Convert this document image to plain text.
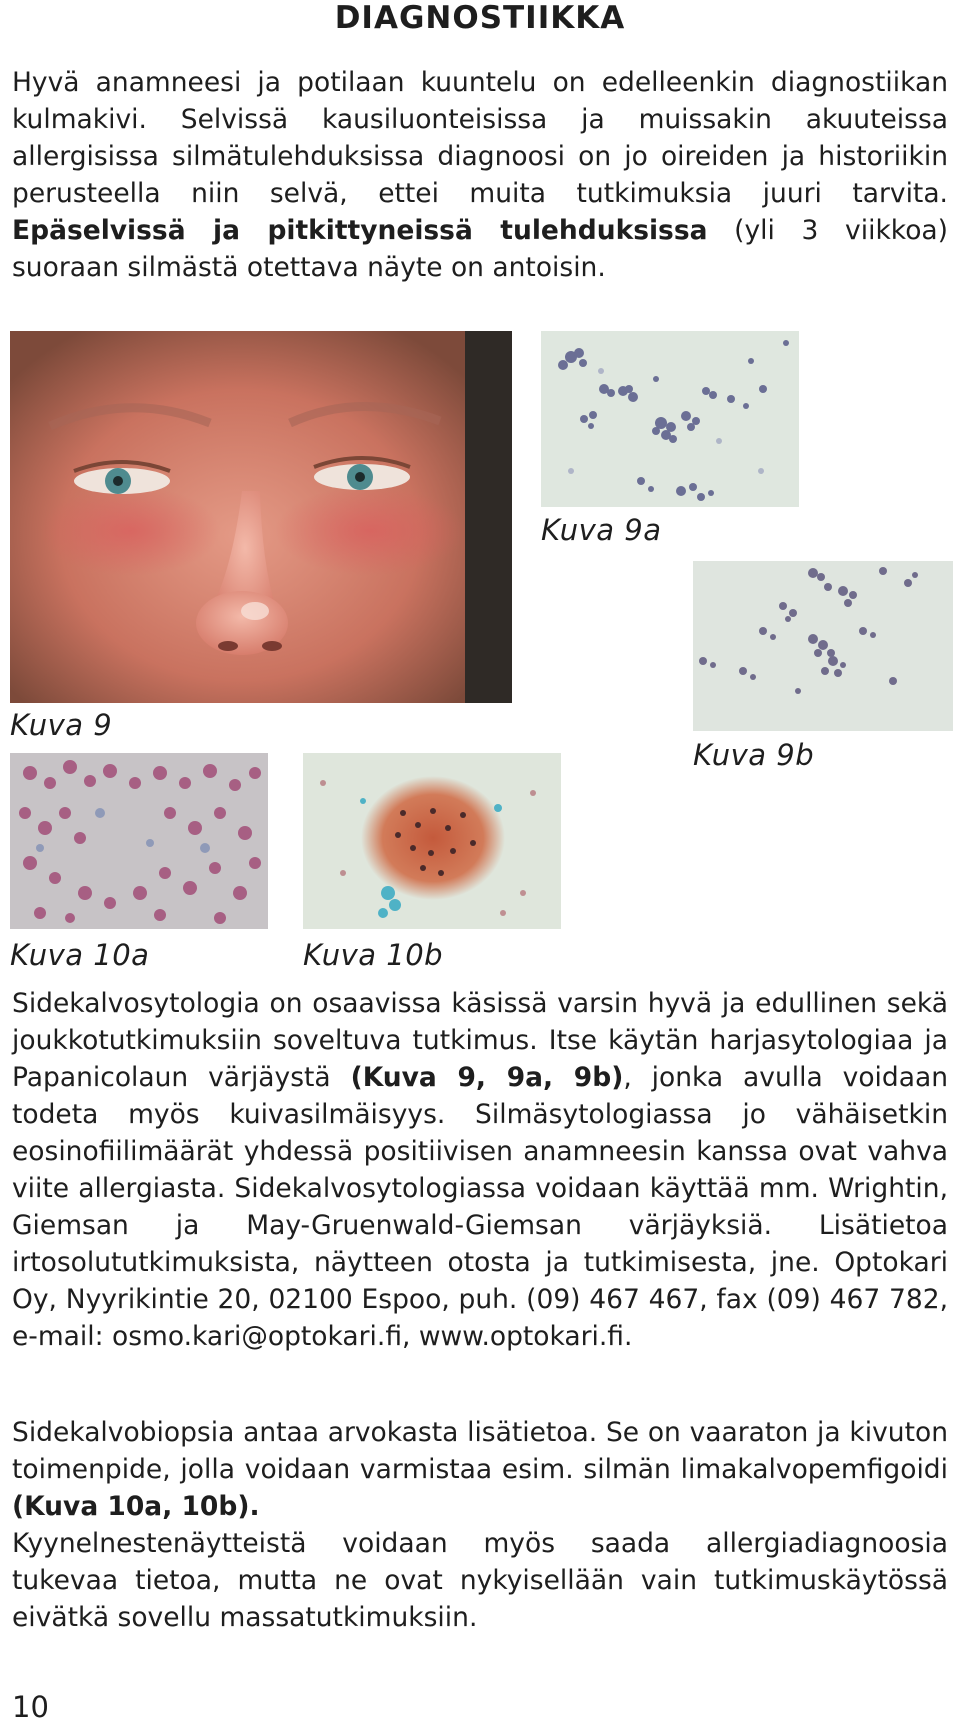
DIAGNOSTIIKKA

Hyvä anamneesi ja potilaan kuuntelu on edelleenkin diagnostiikan kulmakivi. Selvissä kausiluonteisissa ja muissakin akuuteissa allergisissa silmätulehduksissa diagnoosi on jo oireiden ja historiikin perusteella niin selvä, ettei muita tutkimuksia juuri tarvita. Epäselvissä ja pitkittyneissä tulehduksissa (yli 3 viikkoa) suoraan silmästä otettava näyte on antoisin.

Kuva 9

Kuva 9a

Kuva 9b

Kuva 10a	Kuva 10b

Sidekalvosytologia on osaavissa käsissä varsin hyvä ja edullinen sekä joukkotutkimuksiin soveltuva tutkimus. Itse käytän harjasytologiaa ja Papanicolaun värjäystä (Kuva 9, 9a, 9b), jonka avulla voidaan todeta myös kuivasilmäisyys. Silmäsytologiassa jo vähäisetkin eosinofiilimäärät yhdessä positiivisen anamneesin kanssa ovat vahva viite allergiasta. Sidekalvosytologiassa voidaan käyttää mm. Wrightin, Giemsan ja May-Gruenwald-Giemsan värjäyksiä. Lisätietoa irtosolututkimuksista, näytteen otosta ja tutkimisesta, jne. Optokari Oy, Nyyrikintie 20, 02100 Espoo, puh. (09) 467 467, fax (09) 467 782, e-mail: osmo.kari@optokari.fi, www.optokari.fi.

Sidekalvobiopsia antaa arvokasta lisätietoa. Se on vaaraton ja kivuton toimenpide, jolla voidaan varmistaa esim. silmän limakalvopemfigoidi (Kuva 10a, 10b).

Kyynelnestenäytteistä voidaan myös saada allergiadiagnoosia tukevaa tietoa, mutta ne ovat nykyisellään vain tutkimuskäytössä eivätkä sovellu massatutkimuksiin.

10
